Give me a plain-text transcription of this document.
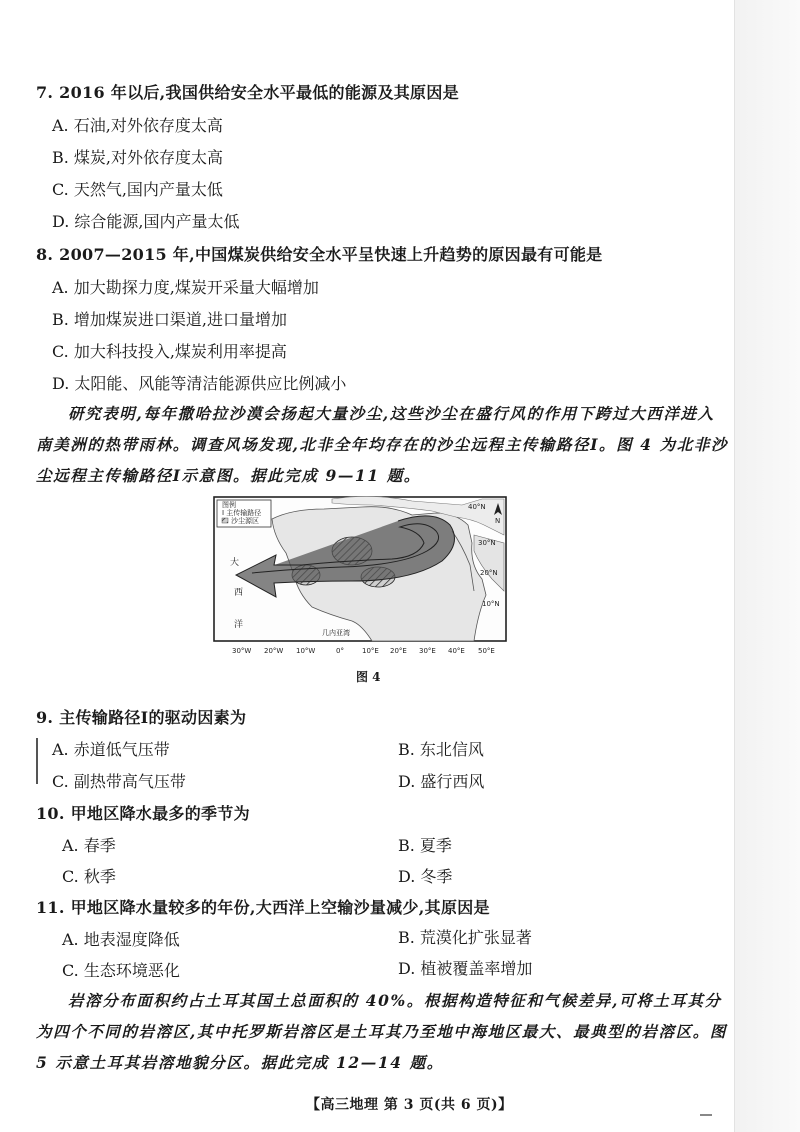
7. 2016 年以后,我国供给安全水平最低的能源及其原因是
A. 石油,对外依存度太高
B. 煤炭,对外依存度太高
C. 天然气,国内产量太低
D. 综合能源,国内产量太低
8. 2007—2015 年,中国煤炭供给安全水平呈快速上升趋势的原因最有可能是
A. 加大勘探力度,煤炭开采量大幅增加
B. 增加煤炭进口渠道,进口量增加
C. 加大科技投入,煤炭利用率提高
D. 太阳能、风能等清洁能源供应比例减小
研究表明,每年撒哈拉沙漠会扬起大量沙尘,这些沙尘在盛行风的作用下跨过大西洋进入
南美洲的热带雨林。调查风场发现,北非全年均存在的沙尘远程主传输路径Ⅰ。图 4 为北非沙
尘远程主传输路径Ⅰ示意图。据此完成 9—11 题。
图例
Ⅰ 主传输路径
沙尘源区
大
西
洋
几内亚湾
N
40°N
30°N
20°N
10°N
30°W 20°W 10°W	0°	10°E 20°E 30°E 40°E 50°E
图 4
9. 主传输路径Ⅰ的驱动因素为
A. 赤道低气压带	B. 东北信风
C. 副热带高气压带	D. 盛行西风
10. 甲地区降水最多的季节为
A. 春季	B. 夏季
C. 秋季	D. 冬季
11. 甲地区降水量较多的年份,大西洋上空输沙量减少,其原因是
A. 地表湿度降低	B. 荒漠化扩张显著
C. 生态环境恶化	D. 植被覆盖率增加
岩溶分布面积约占土耳其国土总面积的 40%。根据构造特征和气候差异,可将土耳其分
为四个不同的岩溶区,其中托罗斯岩溶区是土耳其乃至地中海地区最大、最典型的岩溶区。图
5 示意土耳其岩溶地貌分区。据此完成 12—14 题。
【高三地理 第 3 页(共 6 页)】
